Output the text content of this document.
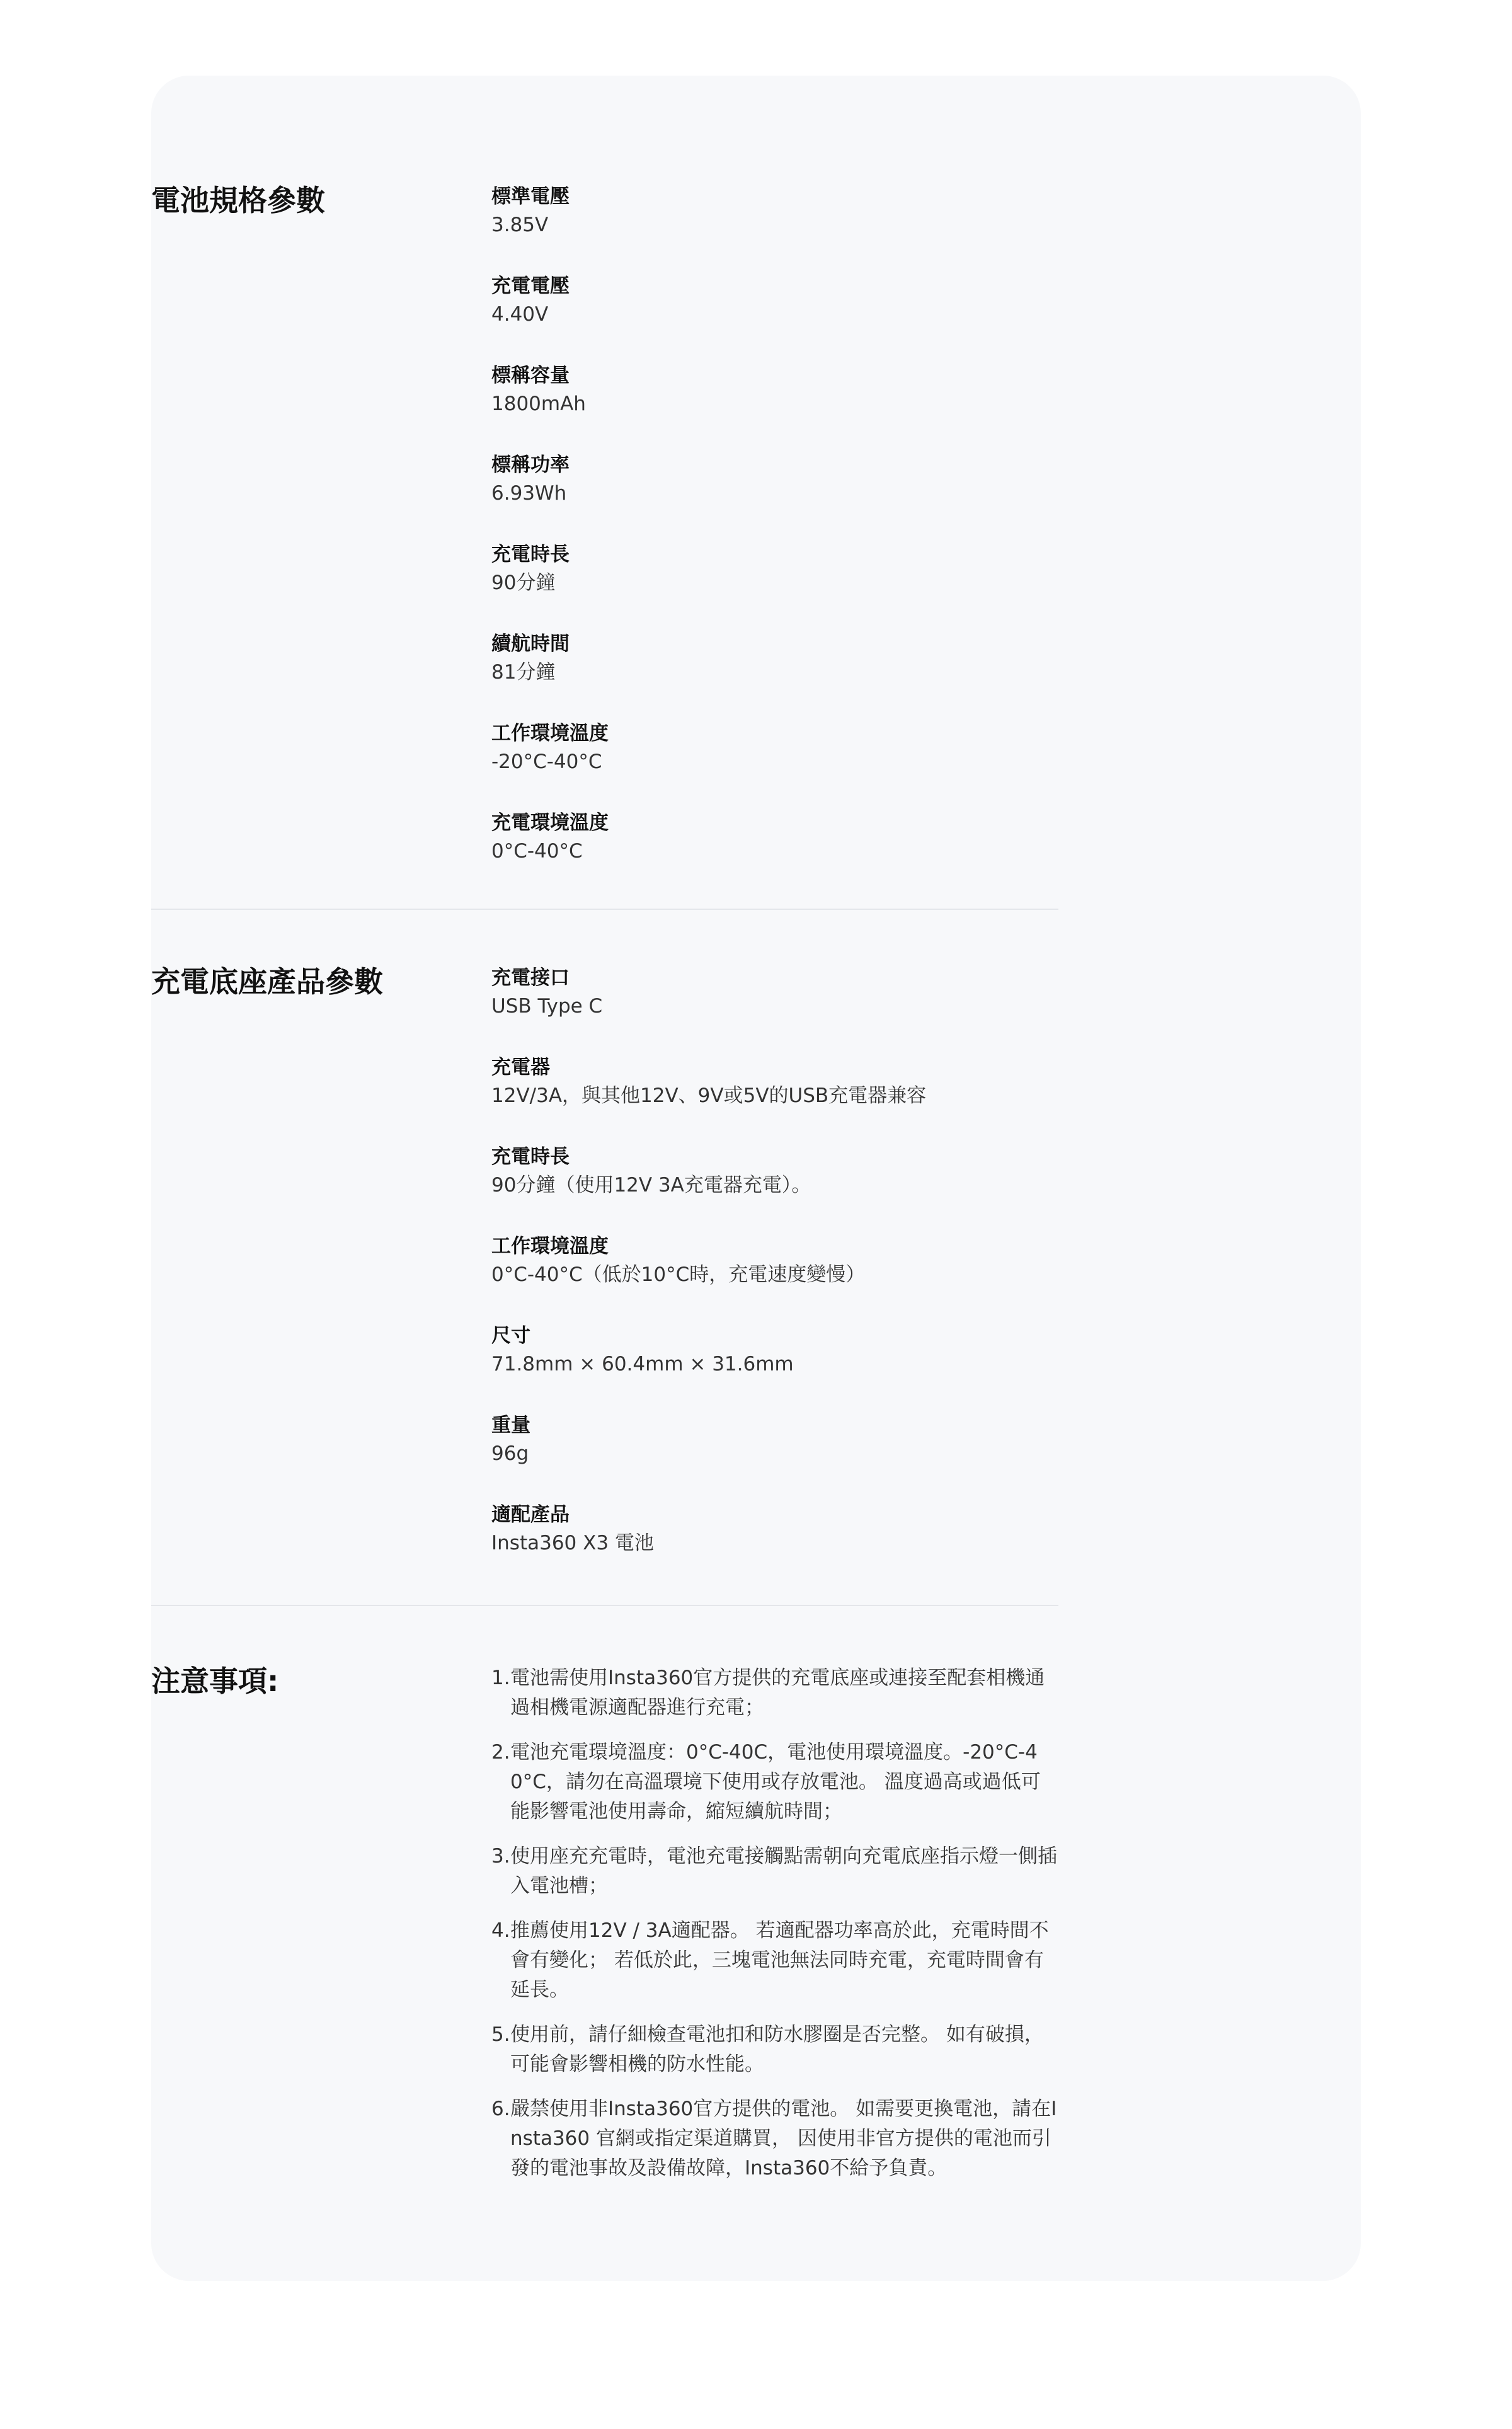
電池規格參數	標準電壓
3.85V
充電電壓
4.40V
標稱容量
1800mAh
標稱功率
6.93Wh
充電時長
90分鐘
續航時間
81分鐘
工作環境溫度
-20°C-40°C
充電環境溫度
0°C-40°C
充電底座產品參數	充電接口
USB Type C
充電器
12V/3A，與其他12V、9V或5V的USB充電器兼容
充電時長
90分鐘（使用12V 3A充電器充電）。
工作環境溫度
0°C-40°C（低於10°C時，充電速度變慢）
尺寸
71.8mm × 60.4mm × 31.6mm
重量
96g
適配產品
Insta360 X3 電池
注意事項:	1. 電池需使用Insta360官方提供的充電底座或連接至配套相機通過相機電源適配器進行充電；
2. 電池充電環境溫度：0°C-40C，電池使用環境溫度。-20°C-40°C，請勿在高溫環境下使用或存放電池。 溫度過高或過低可能影響電池使用壽命，縮短續航時間；
3. 使用座充充電時，電池充電接觸點需朝向充電底座指示燈一側插入電池槽；
4. 推薦使用12V / 3A適配器。 若適配器功率高於此，充電時間不會有變化； 若低於此，三塊電池無法同時充電，充電時間會有延長。
5. 使用前，請仔細檢查電池扣和防水膠圈是否完整。 如有破損，可能會影響相機的防水性能。
6. 嚴禁使用非Insta360官方提供的電池。 如需要更換電池，請在Insta360 官網或指定渠道購買， 因使用非官方提供的電池而引發的電池事故及設備故障，Insta360不給予負責。
